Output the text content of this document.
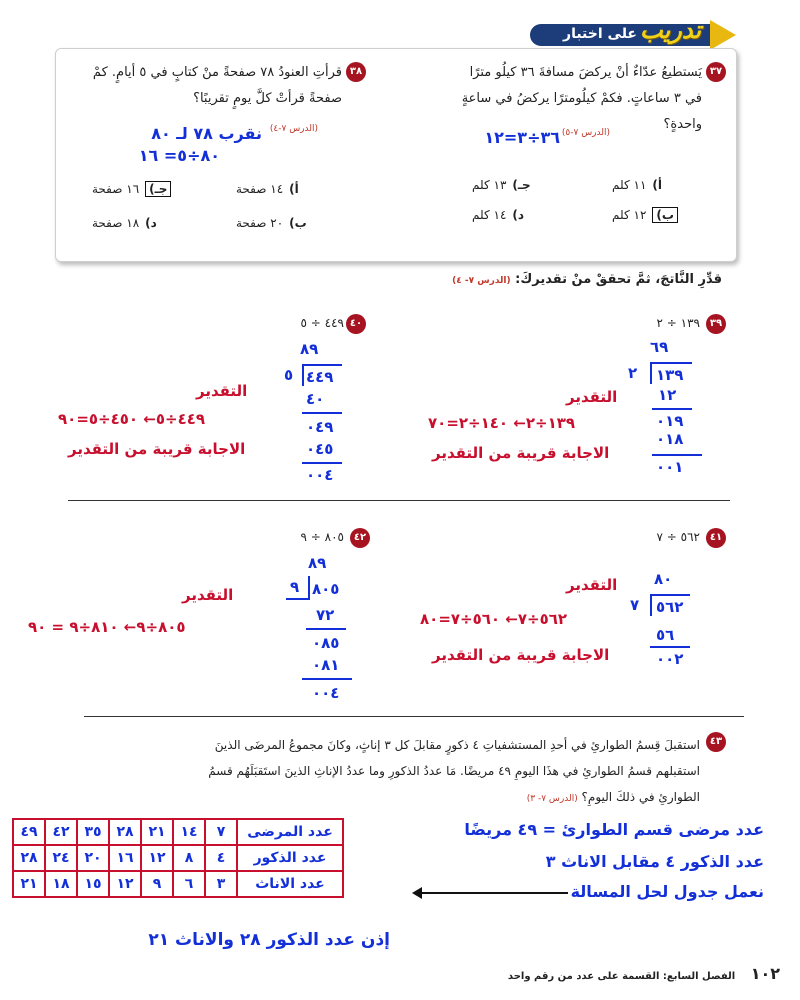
على اختبار تدريب
٣٧
يَستطيعُ عدّاءٌ أنْ يركضَ مسافةَ ٣٦ كيلُو مترًا
في ٣ ساعاتٍ. فكمْ كيلُومترًا يركضُ في ساعةٍ
واحدةٍ؟
(الدرس ٧-٥)
٣٦÷٣=١٢
أ)١١ كلم
ب)١٢ كلم
جـ)١٣ كلم
د)١٤ كلم
٣٨
قرأتِ العنودُ ٧٨ صفحةً منْ كتابٍ في ٥ أيامٍ. كمْ
صفحةً قرأتْ كلَّ يومٍ تقريبًا؟
(الدرس ٧-٤)
نقرب ٧٨ لـ ٨٠
٨٠÷٥= ١٦
أ)١٤ صفحة
ب)٢٠ صفحة
جـ)١٦ صفحة
د)١٨ صفحة
قدِّرِ النَّاتجَ، ثمَّ تحققْ منْ تقديركَ: (الدرس ٧- ٤)
٣٩
١٣٩ ÷ ٢
٦٩
٢ ١٣٩
١٢
٠١٩
٠١٨
٠٠١
التقدير
١٣٩÷٢← ١٤٠÷٢=٧٠
الاجابة قريبة من التقدير
٤٠
٤٤٩ ÷ ٥
٨٩
٥ ٤٤٩
٤٠
٠٤٩
٠٤٥
٠٠٤
التقدير
٤٤٩÷٥← ٤٥٠÷٥=٩٠
الاجابة قريبة من التقدير
٤١
٥٦٢ ÷ ٧
٨٠
٧ ٥٦٢
٥٦
٠٠٢
التقدير
٥٦٢÷٧← ٥٦٠÷٧=٨٠
الاجابة قريبة من التقدير
٤٢
٨٠٥ ÷ ٩
٨٩
٩ ٨٠٥
٧٢
٠٨٥
٠٨١
٠٠٤
التقدير
٨٠٥÷٩← ٨١٠÷٩ = ٩٠
٤٣
استقبلَ قِسمُ الطوارئِ في أحدِ المستشفياتِ ٤ ذكورٍ مقابلَ كل ٣ إناثٍ، وكانَ مجموعُ المرضَى الذينَ
استقبلهم قسمُ الطوارئِ في هذَا اليومِ ٤٩ مريضًا. مَا عددُ الذكورِ وما عددُ الإناثِ الذينَ استَقبَلَهُم قسمُ
الطوارئِ في ذلكَ اليومِ؟ (الدرس ٧- ٣)
عدد مرضى قسم الطوارئ = ٤٩ مريضًا
عدد الذكور ٤ مقابل الاناث ٣
نعمل جدول لحل المسالة
عدد المرضى	٧	١٤	٢١	٢٨	٣٥	٤٢	٤٩
عدد الذكور	٤	٨	١٢	١٦	٢٠	٢٤	٢٨
عدد الاناث	٣	٦	٩	١٢	١٥	١٨	٢١
إذن عدد الذكور ٢٨ والاناث ٢١
١٠٢ الفصل السابع: القسمة على عدد من رقم واحد
